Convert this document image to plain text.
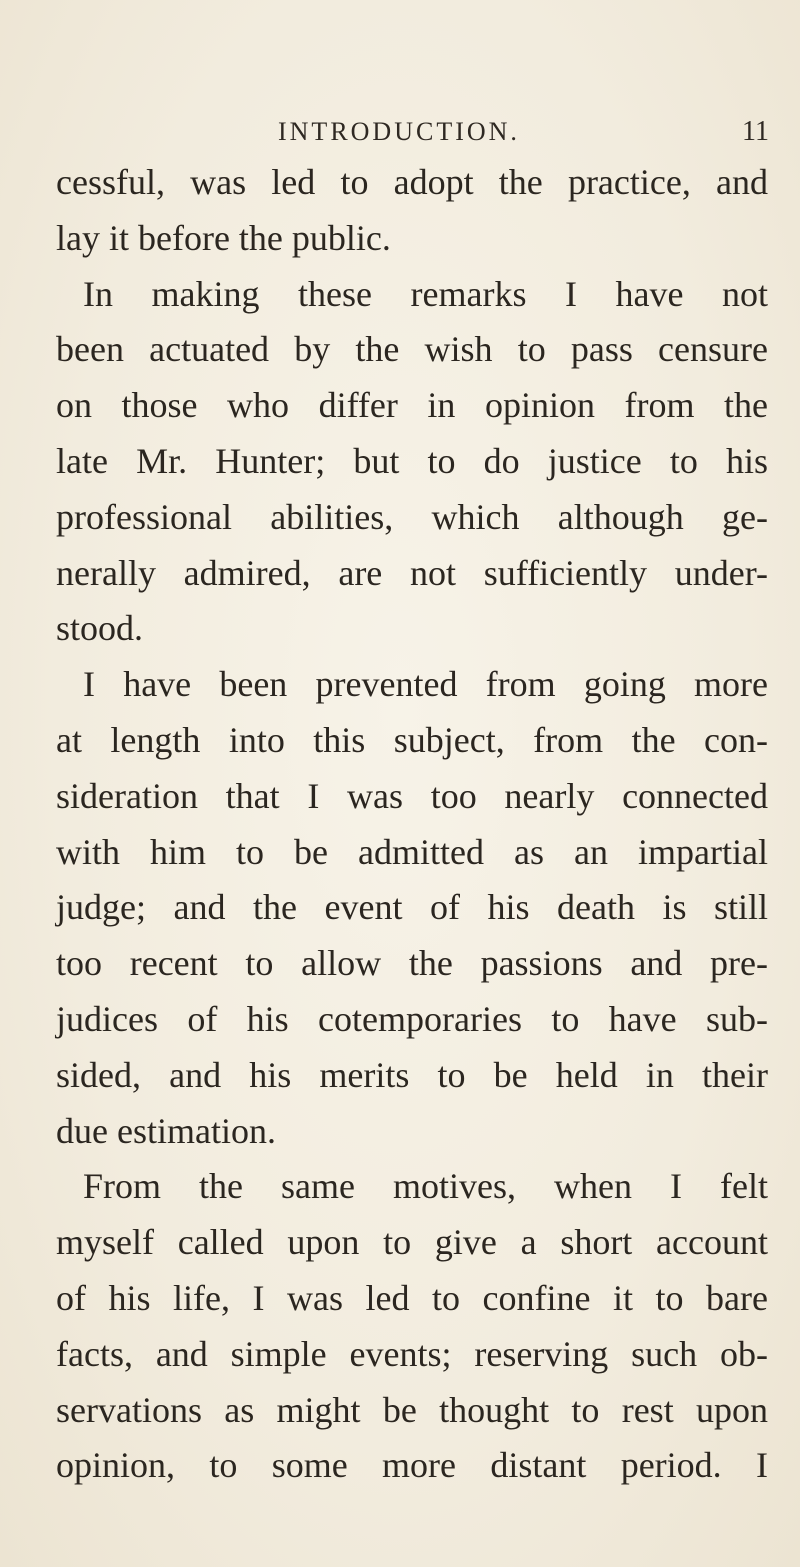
INTRODUCTION.	11
cessful, was led to adopt the practice, and
lay it before the public.
In making these remarks I have not
been actuated by the wish to pass censure
on those who differ in opinion from the
late Mr. Hunter; but to do justice to his
professional abilities, which although ge-
nerally admired, are not sufficiently under-
stood.
I have been prevented from going more
at length into this subject, from the con-
sideration that I was too nearly connected
with him to be admitted as an impartial
judge; and the event of his death is still
too recent to allow the passions and pre-
judices of his cotemporaries to have sub-
sided, and his merits to be held in their
due estimation.
From the same motives, when I felt
myself called upon to give a short account
of his life, I was led to confine it to bare
facts, and simple events; reserving such ob-
servations as might be thought to rest upon
opinion, to some more distant period. I
